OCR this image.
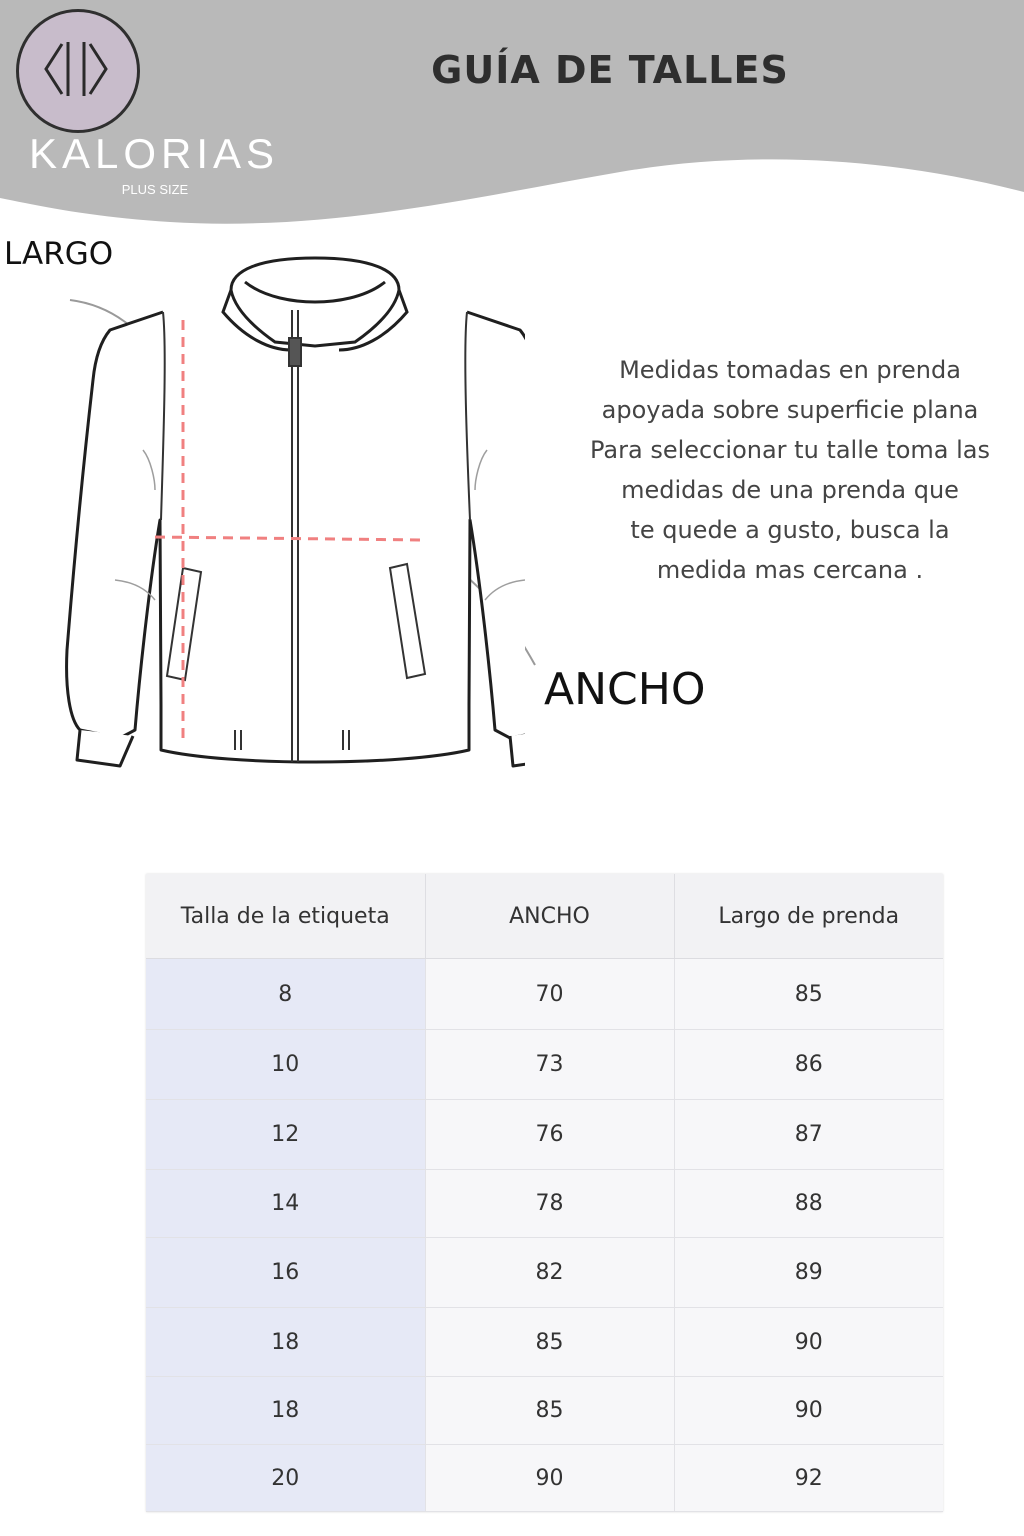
KALORIAS
PLUS SIZE
GUÍA DE TALLES
LARGO
ANCHO
Medidas tomadas en prenda
apoyada sobre superficie plana
Para seleccionar tu talle toma las
medidas de una prenda que
te quede a gusto, busca la
medida mas cercana .
Talla de la etiqueta	ANCHO	Largo de prenda
8	70	85
10	73	86
12	76	87
14	78	88
16	82	89
18	85	90
18	85	90
20	90	92
